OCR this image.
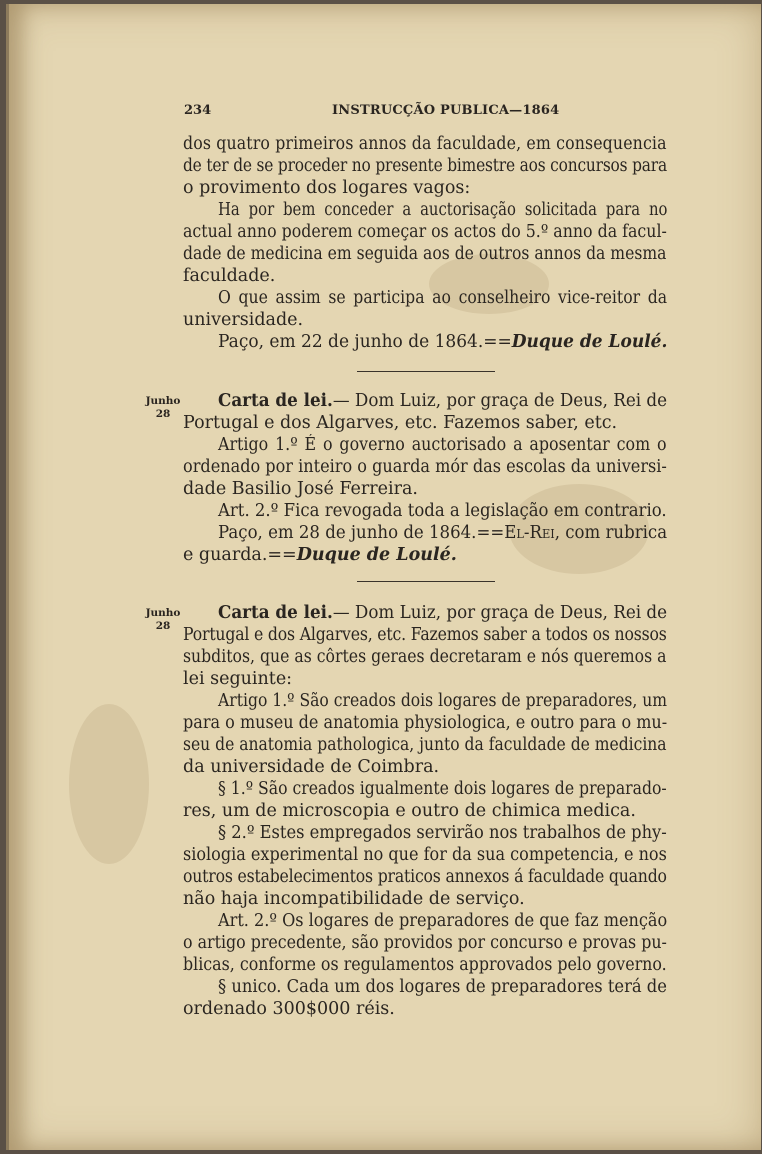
234	INSTRUCÇÃO PUBLICA—1864
dos quatro primeiros annos da faculdade, em consequencia
de ter de se proceder no presente bimestre aos concursos para
o provimento dos logares vagos:
Ha por bem conceder a auctorisação solicitada para no
actual anno poderem começar os actos do 5.º anno da facul-
dade de medicina em seguida aos de outros annos da mesma
faculdade.
O que assim se participa ao conselheiro vice-reitor da
universidade.
Paço, em 22 de junho de 1864.==Duque de Loulé.
Junho
28
Carta de lei.— Dom Luiz, por graça de Deus, Rei de
Portugal e dos Algarves, etc. Fazemos saber, etc.
Artigo 1.º É o governo auctorisado a aposentar com o
ordenado por inteiro o guarda mór das escolas da universi-
dade Basilio José Ferreira.
Art. 2.º Fica revogada toda a legislação em contrario.
Paço, em 28 de junho de 1864.==El-Rei, com rubrica
e guarda.==Duque de Loulé.
Junho
28
Carta de lei.— Dom Luiz, por graça de Deus, Rei de
Portugal e dos Algarves, etc. Fazemos saber a todos os nossos
subditos, que as côrtes geraes decretaram e nós queremos a
lei seguinte:
Artigo 1.º São creados dois logares de preparadores, um
para o museu de anatomia physiologica, e outro para o mu-
seu de anatomia pathologica, junto da faculdade de medicina
da universidade de Coimbra.
§ 1.º São creados igualmente dois logares de preparado-
res, um de microscopia e outro de chimica medica.
§ 2.º Estes empregados servirão nos trabalhos de phy-
siologia experimental no que for da sua competencia, e nos
outros estabelecimentos praticos annexos á faculdade quando
não haja incompatibilidade de serviço.
Art. 2.º Os logares de preparadores de que faz menção
o artigo precedente, são providos por concurso e provas pu-
blicas, conforme os regulamentos approvados pelo governo.
§ unico. Cada um dos logares de preparadores terá de
ordenado 300$000 réis.
